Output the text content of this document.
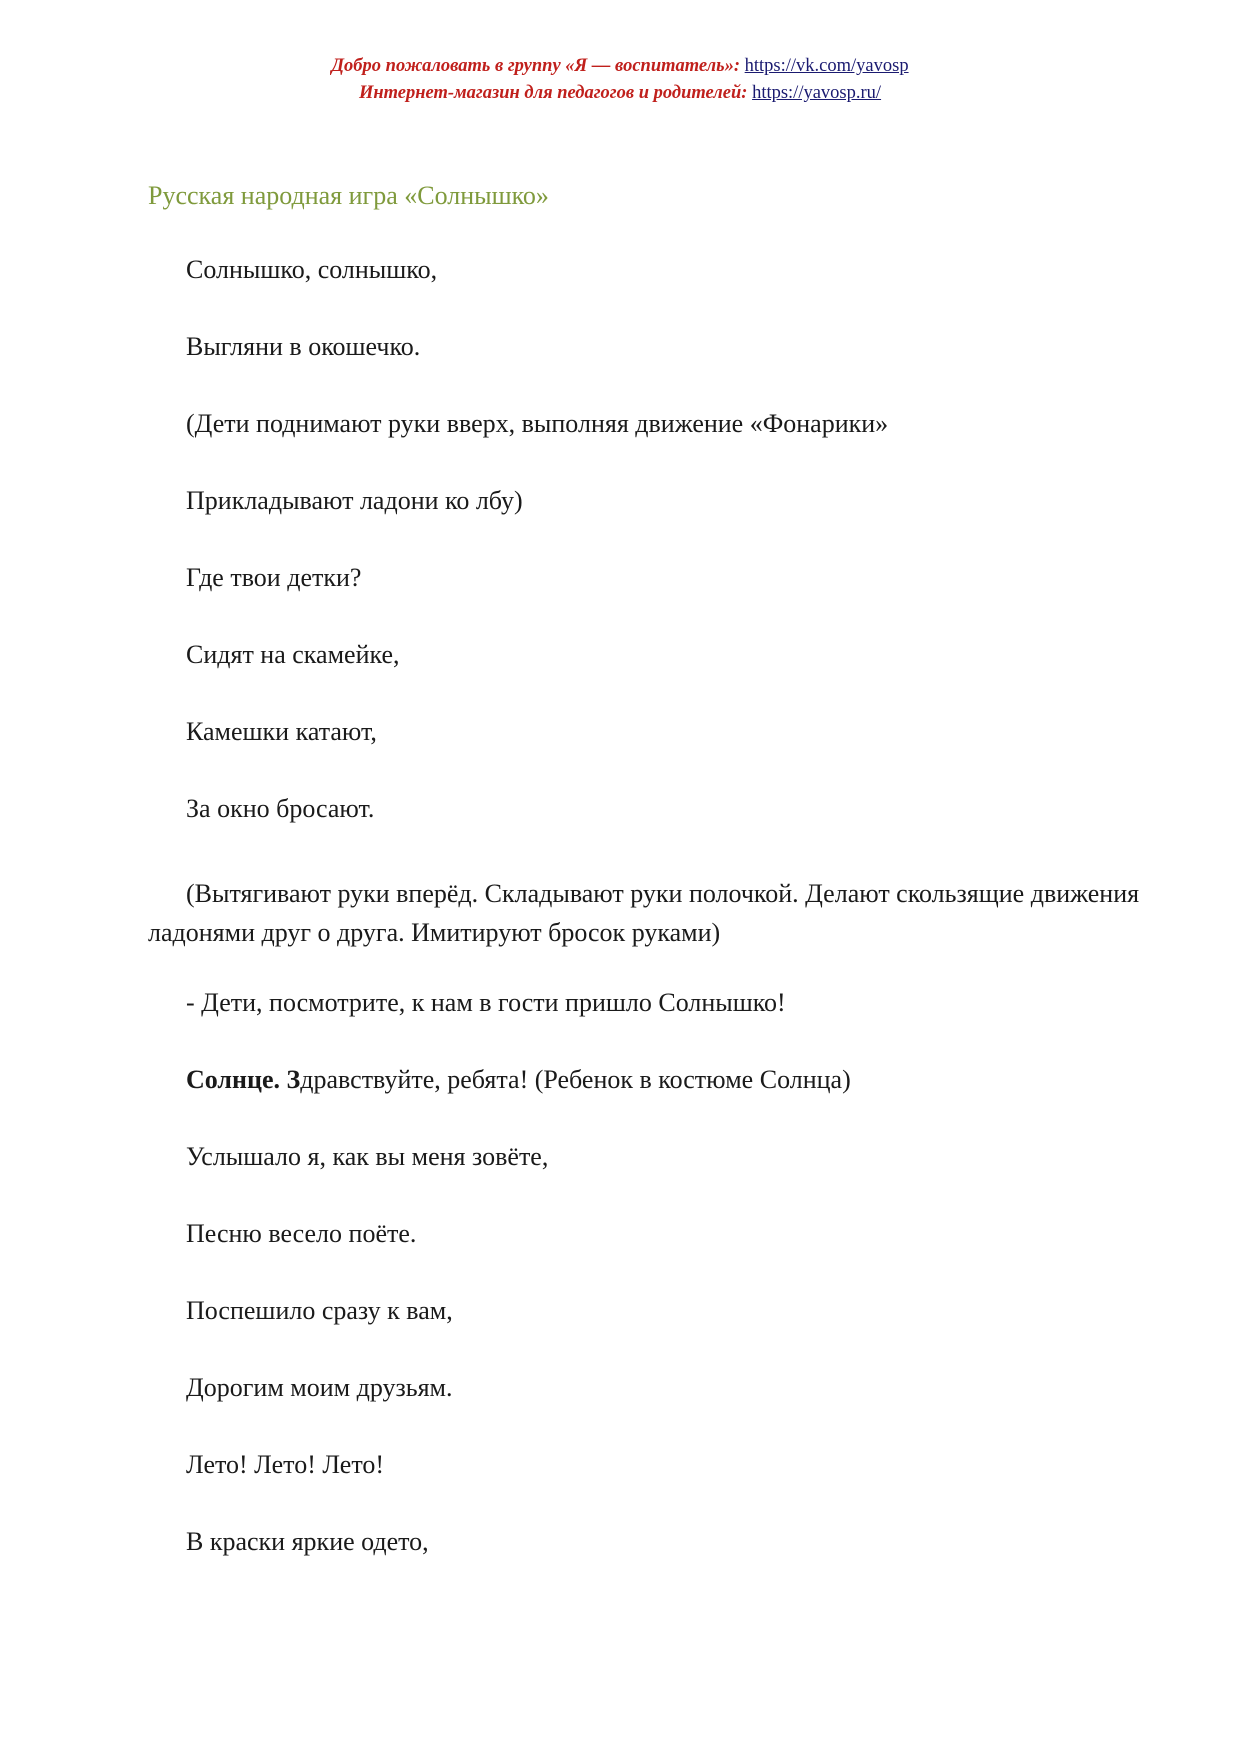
Добро пожаловать в группу «Я — воспитатель»: https://vk.com/yavosp
Интернет-магазин для педагогов и родителей: https://yavosp.ru/
Русская народная игра «Солнышко»
Солнышко, солнышко,
Выгляни в окошечко.
(Дети поднимают руки вверх, выполняя движение «Фонарики»
Прикладывают ладони ко лбу)
Где твои детки?
Сидят на скамейке,
Камешки катают,
За окно бросают.
(Вытягивают руки вперёд. Складывают руки полочкой. Делают скользящие движения ладонями друг о друга. Имитируют бросок руками)
- Дети, посмотрите, к нам в гости пришло Солнышко!
Солнце. Здравствуйте, ребята! (Ребенок в костюме Солнца)
Услышало я, как вы меня зовёте,
Песню весело поёте.
Поспешило сразу к вам,
Дорогим моим друзьям.
Лето! Лето! Лето!
В краски яркие одето,
